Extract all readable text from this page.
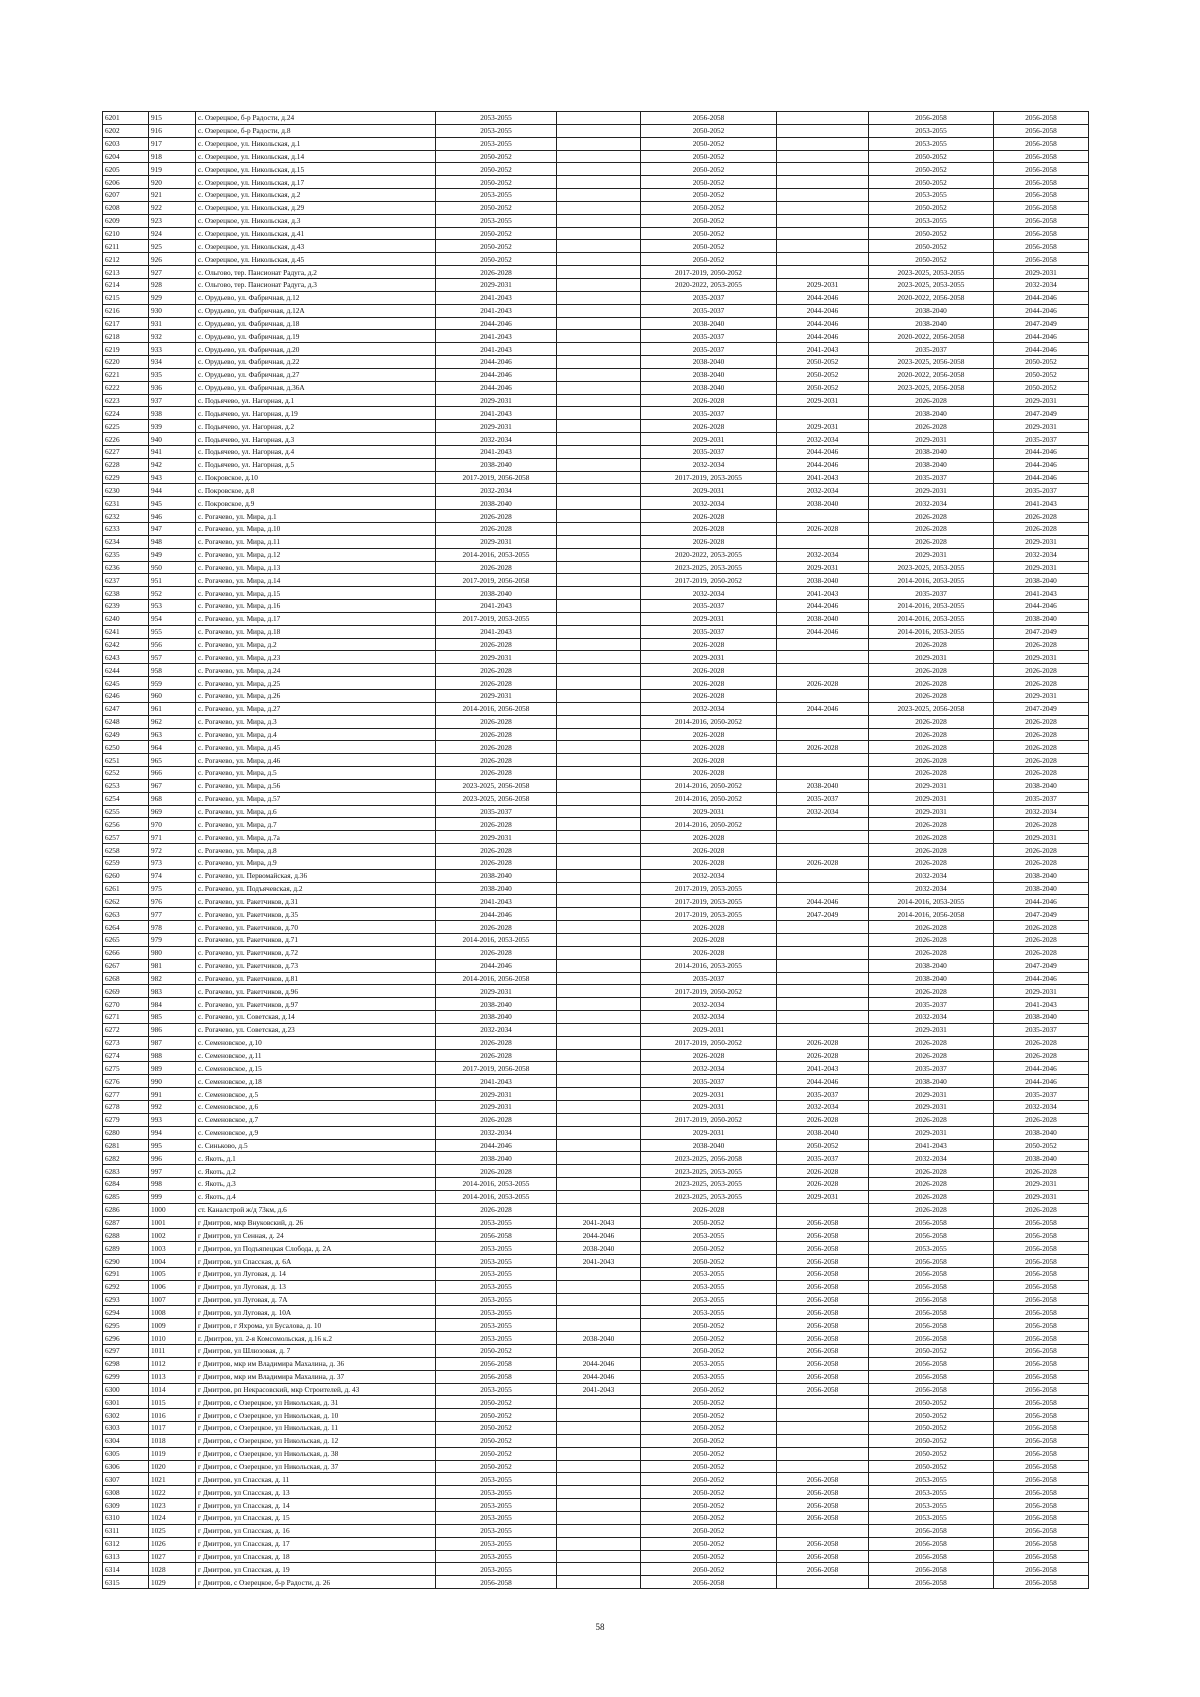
6201	915	с. Озерецкое, б-р Радости, д.24	2053-2055		2056-2058		2056-2058	2056-2058
6202	916	с. Озерецкое, б-р Радости, д.8	2053-2055		2050-2052		2053-2055	2056-2058
6203	917	с. Озерецкое, ул. Никольская, д.1	2053-2055		2050-2052		2053-2055	2056-2058
6204	918	с. Озерецкое, ул. Никольская, д.14	2050-2052		2050-2052		2050-2052	2056-2058
6205	919	с. Озерецкое, ул. Никольская, д.15	2050-2052		2050-2052		2050-2052	2056-2058
6206	920	с. Озерецкое, ул. Никольская, д.17	2050-2052		2050-2052		2050-2052	2056-2058
6207	921	с. Озерецкое, ул. Никольская, д.2	2053-2055		2050-2052		2053-2055	2056-2058
6208	922	с. Озерецкое, ул. Никольская, д.29	2050-2052		2050-2052		2050-2052	2056-2058
6209	923	с. Озерецкое, ул. Никольская, д.3	2053-2055		2050-2052		2053-2055	2056-2058
6210	924	с. Озерецкое, ул. Никольская, д.41	2050-2052		2050-2052		2050-2052	2056-2058
6211	925	с. Озерецкое, ул. Никольская, д.43	2050-2052		2050-2052		2050-2052	2056-2058
6212	926	с. Озерецкое, ул. Никольская, д.45	2050-2052		2050-2052		2050-2052	2056-2058
6213	927	с. Ольгово, тер. Пансионат Радуга, д.2	2026-2028		2017-2019, 2050-2052		2023-2025, 2053-2055	2029-2031
6214	928	с. Ольгово, тер. Пансионат Радуга, д.3	2029-2031		2020-2022, 2053-2055	2029-2031	2023-2025, 2053-2055	2032-2034
6215	929	с. Орудьево, ул. Фабричная, д.12	2041-2043		2035-2037	2044-2046	2020-2022, 2056-2058	2044-2046
6216	930	с. Орудьево, ул. Фабричная, д.12А	2041-2043		2035-2037	2044-2046	2038-2040	2044-2046
6217	931	с. Орудьево, ул. Фабричная, д.18	2044-2046		2038-2040	2044-2046	2038-2040	2047-2049
6218	932	с. Орудьево, ул. Фабричная, д.19	2041-2043		2035-2037	2044-2046	2020-2022, 2056-2058	2044-2046
6219	933	с. Орудьево, ул. Фабричная, д.20	2041-2043		2035-2037	2041-2043	2035-2037	2044-2046
6220	934	с. Орудьево, ул. Фабричная, д.22	2044-2046		2038-2040	2050-2052	2023-2025, 2056-2058	2050-2052
6221	935	с. Орудьево, ул. Фабричная, д.27	2044-2046		2038-2040	2050-2052	2020-2022, 2056-2058	2050-2052
6222	936	с. Орудьево, ул. Фабричная, д.36А	2044-2046		2038-2040	2050-2052	2023-2025, 2056-2058	2050-2052
6223	937	с. Подьячево, ул. Нагорная, д.1	2029-2031		2026-2028	2029-2031	2026-2028	2029-2031
6224	938	с. Подьячево, ул. Нагорная, д.19	2041-2043		2035-2037		2038-2040	2047-2049
6225	939	с. Подьячево, ул. Нагорная, д.2	2029-2031		2026-2028	2029-2031	2026-2028	2029-2031
6226	940	с. Подьячево, ул. Нагорная, д.3	2032-2034		2029-2031	2032-2034	2029-2031	2035-2037
6227	941	с. Подьячево, ул. Нагорная, д.4	2041-2043		2035-2037	2044-2046	2038-2040	2044-2046
6228	942	с. Подьячево, ул. Нагорная, д.5	2038-2040		2032-2034	2044-2046	2038-2040	2044-2046
6229	943	с. Покровское, д.10	2017-2019, 2056-2058		2017-2019, 2053-2055	2041-2043	2035-2037	2044-2046
6230	944	с. Покровское, д.8	2032-2034		2029-2031	2032-2034	2029-2031	2035-2037
6231	945	с. Покровское, д.9	2038-2040		2032-2034	2038-2040	2032-2034	2041-2043
6232	946	с. Рогачево, ул. Мира, д.1	2026-2028		2026-2028		2026-2028	2026-2028
6233	947	с. Рогачево, ул. Мира, д.10	2026-2028		2026-2028	2026-2028	2026-2028	2026-2028
6234	948	с. Рогачево, ул. Мира, д.11	2029-2031		2026-2028		2026-2028	2029-2031
6235	949	с. Рогачево, ул. Мира, д.12	2014-2016, 2053-2055		2020-2022, 2053-2055	2032-2034	2029-2031	2032-2034
6236	950	с. Рогачево, ул. Мира, д.13	2026-2028		2023-2025, 2053-2055	2029-2031	2023-2025, 2053-2055	2029-2031
6237	951	с. Рогачево, ул. Мира, д.14	2017-2019, 2056-2058		2017-2019, 2050-2052	2038-2040	2014-2016, 2053-2055	2038-2040
6238	952	с. Рогачево, ул. Мира, д.15	2038-2040		2032-2034	2041-2043	2035-2037	2041-2043
6239	953	с. Рогачево, ул. Мира, д.16	2041-2043		2035-2037	2044-2046	2014-2016, 2053-2055	2044-2046
6240	954	с. Рогачево, ул. Мира, д.17	2017-2019, 2053-2055		2029-2031	2038-2040	2014-2016, 2053-2055	2038-2040
6241	955	с. Рогачево, ул. Мира, д.18	2041-2043		2035-2037	2044-2046	2014-2016, 2053-2055	2047-2049
6242	956	с. Рогачево, ул. Мира, д.2	2026-2028		2026-2028		2026-2028	2026-2028
6243	957	с. Рогачево, ул. Мира, д.23	2029-2031		2029-2031		2029-2031	2029-2031
6244	958	с. Рогачево, ул. Мира, д.24	2026-2028		2026-2028		2026-2028	2026-2028
6245	959	с. Рогачево, ул. Мира, д.25	2026-2028		2026-2028	2026-2028	2026-2028	2026-2028
6246	960	с. Рогачево, ул. Мира, д.26	2029-2031		2026-2028		2026-2028	2029-2031
6247	961	с. Рогачево, ул. Мира, д.27	2014-2016, 2056-2058		2032-2034	2044-2046	2023-2025, 2056-2058	2047-2049
6248	962	с. Рогачево, ул. Мира, д.3	2026-2028		2014-2016, 2050-2052		2026-2028	2026-2028
6249	963	с. Рогачево, ул. Мира, д.4	2026-2028		2026-2028		2026-2028	2026-2028
6250	964	с. Рогачево, ул. Мира, д.45	2026-2028		2026-2028	2026-2028	2026-2028	2026-2028
6251	965	с. Рогачево, ул. Мира, д.46	2026-2028		2026-2028		2026-2028	2026-2028
6252	966	с. Рогачево, ул. Мира, д.5	2026-2028		2026-2028		2026-2028	2026-2028
6253	967	с. Рогачево, ул. Мира, д.56	2023-2025, 2056-2058		2014-2016, 2050-2052	2038-2040	2029-2031	2038-2040
6254	968	с. Рогачево, ул. Мира, д.57	2023-2025, 2056-2058		2014-2016, 2050-2052	2035-2037	2029-2031	2035-2037
6255	969	с. Рогачево, ул. Мира, д.6	2035-2037		2029-2031	2032-2034	2029-2031	2032-2034
6256	970	с. Рогачево, ул. Мира, д.7	2026-2028		2014-2016, 2050-2052		2026-2028	2026-2028
6257	971	с. Рогачево, ул. Мира, д.7а	2029-2031		2026-2028		2026-2028	2029-2031
6258	972	с. Рогачево, ул. Мира, д.8	2026-2028		2026-2028		2026-2028	2026-2028
6259	973	с. Рогачево, ул. Мира, д.9	2026-2028		2026-2028	2026-2028	2026-2028	2026-2028
6260	974	с. Рогачево, ул. Первомайская, д.36	2038-2040		2032-2034		2032-2034	2038-2040
6261	975	с. Рогачево, ул. Подъячевская, д.2	2038-2040		2017-2019, 2053-2055		2032-2034	2038-2040
6262	976	с. Рогачево, ул. Ракетчиков, д.31	2041-2043		2017-2019, 2053-2055	2044-2046	2014-2016, 2053-2055	2044-2046
6263	977	с. Рогачево, ул. Ракетчиков, д.35	2044-2046		2017-2019, 2053-2055	2047-2049	2014-2016, 2056-2058	2047-2049
6264	978	с. Рогачево, ул. Ракетчиков, д.70	2026-2028		2026-2028		2026-2028	2026-2028
6265	979	с. Рогачево, ул. Ракетчиков, д.71	2014-2016, 2053-2055		2026-2028		2026-2028	2026-2028
6266	980	с. Рогачево, ул. Ракетчиков, д.72	2026-2028		2026-2028		2026-2028	2026-2028
6267	981	с. Рогачево, ул. Ракетчиков, д.73	2044-2046		2014-2016, 2053-2055		2038-2040	2047-2049
6268	982	с. Рогачево, ул. Ракетчиков, д.81	2014-2016, 2056-2058		2035-2037		2038-2040	2044-2046
6269	983	с. Рогачево, ул. Ракетчиков, д.96	2029-2031		2017-2019, 2050-2052		2026-2028	2029-2031
6270	984	с. Рогачево, ул. Ракетчиков, д.97	2038-2040		2032-2034		2035-2037	2041-2043
6271	985	с. Рогачево, ул. Советская, д.14	2038-2040		2032-2034		2032-2034	2038-2040
6272	986	с. Рогачево, ул. Советская, д.23	2032-2034		2029-2031		2029-2031	2035-2037
6273	987	с. Семеновское, д.10	2026-2028		2017-2019, 2050-2052	2026-2028	2026-2028	2026-2028
6274	988	с. Семеновское, д.11	2026-2028		2026-2028	2026-2028	2026-2028	2026-2028
6275	989	с. Семеновское, д.15	2017-2019, 2056-2058		2032-2034	2041-2043	2035-2037	2044-2046
6276	990	с. Семеновское, д.18	2041-2043		2035-2037	2044-2046	2038-2040	2044-2046
6277	991	с. Семеновское, д.5	2029-2031		2029-2031	2035-2037	2029-2031	2035-2037
6278	992	с. Семеновское, д.6	2029-2031		2029-2031	2032-2034	2029-2031	2032-2034
6279	993	с. Семеновское, д.7	2026-2028		2017-2019, 2050-2052	2026-2028	2026-2028	2026-2028
6280	994	с. Семеновское, д.9	2032-2034		2029-2031	2038-2040	2029-2031	2038-2040
6281	995	с. Синьково, д.5	2044-2046		2038-2040	2050-2052	2041-2043	2050-2052
6282	996	с. Якоть, д.1	2038-2040		2023-2025, 2056-2058	2035-2037	2032-2034	2038-2040
6283	997	с. Якоть, д.2	2026-2028		2023-2025, 2053-2055	2026-2028	2026-2028	2026-2028
6284	998	с. Якоть, д.3	2014-2016, 2053-2055		2023-2025, 2053-2055	2026-2028	2026-2028	2029-2031
6285	999	с. Якоть, д.4	2014-2016, 2053-2055		2023-2025, 2053-2055	2029-2031	2026-2028	2029-2031
6286	1000	ст. Каналстрой ж/д 73км, д.6	2026-2028		2026-2028		2026-2028	2026-2028
6287	1001	г Дмитров, мкр Внуковский, д. 26	2053-2055	2041-2043	2050-2052	2056-2058	2056-2058	2056-2058
6288	1002	г Дмитров, ул Сенная, д. 24	2056-2058	2044-2046	2053-2055	2056-2058	2056-2058	2056-2058
6289	1003	г Дмитров, ул Подъяпецкая Слобода, д. 2А	2053-2055	2038-2040	2050-2052	2056-2058	2053-2055	2056-2058
6290	1004	г Дмитров, ул Спасская, д. 6А	2053-2055	2041-2043	2050-2052	2056-2058	2056-2058	2056-2058
6291	1005	г Дмитров, ул Луговая, д. 14	2053-2055		2053-2055	2056-2058	2056-2058	2056-2058
6292	1006	г Дмитров, ул Луговая, д. 13	2053-2055		2053-2055	2056-2058	2056-2058	2056-2058
6293	1007	г Дмитров, ул Луговая, д. 7А	2053-2055		2053-2055	2056-2058	2056-2058	2056-2058
6294	1008	г Дмитров, ул Луговая, д. 10А	2053-2055		2053-2055	2056-2058	2056-2058	2056-2058
6295	1009	г Дмитров, г Яхрома, ул Бусалова, д. 10	2053-2055		2050-2052	2056-2058	2056-2058	2056-2058
6296	1010	г. Дмитров, ул. 2-я Комсомольская, д.16 к.2	2053-2055	2038-2040	2050-2052	2056-2058	2056-2058	2056-2058
6297	1011	г Дмитров, ул Шлюзовая, д. 7	2050-2052		2050-2052	2056-2058	2050-2052	2056-2058
6298	1012	г Дмитров, мкр им Владимира Махалина, д. 36	2056-2058	2044-2046	2053-2055	2056-2058	2056-2058	2056-2058
6299	1013	г Дмитров, мкр им Владимира Махалина, д. 37	2056-2058	2044-2046	2053-2055	2056-2058	2056-2058	2056-2058
6300	1014	г Дмитров, рп Некрасовский, мкр Строителей, д. 43	2053-2055	2041-2043	2050-2052	2056-2058	2056-2058	2056-2058
6301	1015	г Дмитров, с Озерецкое, ул Никольская, д. 31	2050-2052		2050-2052		2050-2052	2056-2058
6302	1016	г Дмитров, с Озерецкое, ул Никольская, д. 10	2050-2052		2050-2052		2050-2052	2056-2058
6303	1017	г Дмитров, с Озерецкое, ул Никольская, д. 11	2050-2052		2050-2052		2050-2052	2056-2058
6304	1018	г Дмитров, с Озерецкое, ул Никольская, д. 12	2050-2052		2050-2052		2050-2052	2056-2058
6305	1019	г Дмитров, с Озерецкое, ул Никольская, д. 38	2050-2052		2050-2052		2050-2052	2056-2058
6306	1020	г Дмитров, с Озерецкое, ул Никольская, д. 37	2050-2052		2050-2052		2050-2052	2056-2058
6307	1021	г Дмитров, ул Спасская, д. 11	2053-2055		2050-2052	2056-2058	2053-2055	2056-2058
6308	1022	г Дмитров, ул Спасская, д. 13	2053-2055		2050-2052	2056-2058	2053-2055	2056-2058
6309	1023	г Дмитров, ул Спасская, д. 14	2053-2055		2050-2052	2056-2058	2053-2055	2056-2058
6310	1024	г Дмитров, ул Спасская, д. 15	2053-2055		2050-2052	2056-2058	2053-2055	2056-2058
6311	1025	г Дмитров, ул Спасская, д. 16	2053-2055		2050-2052		2056-2058	2056-2058
6312	1026	г Дмитров, ул Спасская, д. 17	2053-2055		2050-2052	2056-2058	2056-2058	2056-2058
6313	1027	г Дмитров, ул Спасская, д. 18	2053-2055		2050-2052	2056-2058	2056-2058	2056-2058
6314	1028	г Дмитров, ул Спасская, д. 19	2053-2055		2050-2052	2056-2058	2056-2058	2056-2058
6315	1029	г Дмитров, с Озерецкое, б-р Радости, д. 26	2056-2058		2056-2058		2056-2058	2056-2058
58
